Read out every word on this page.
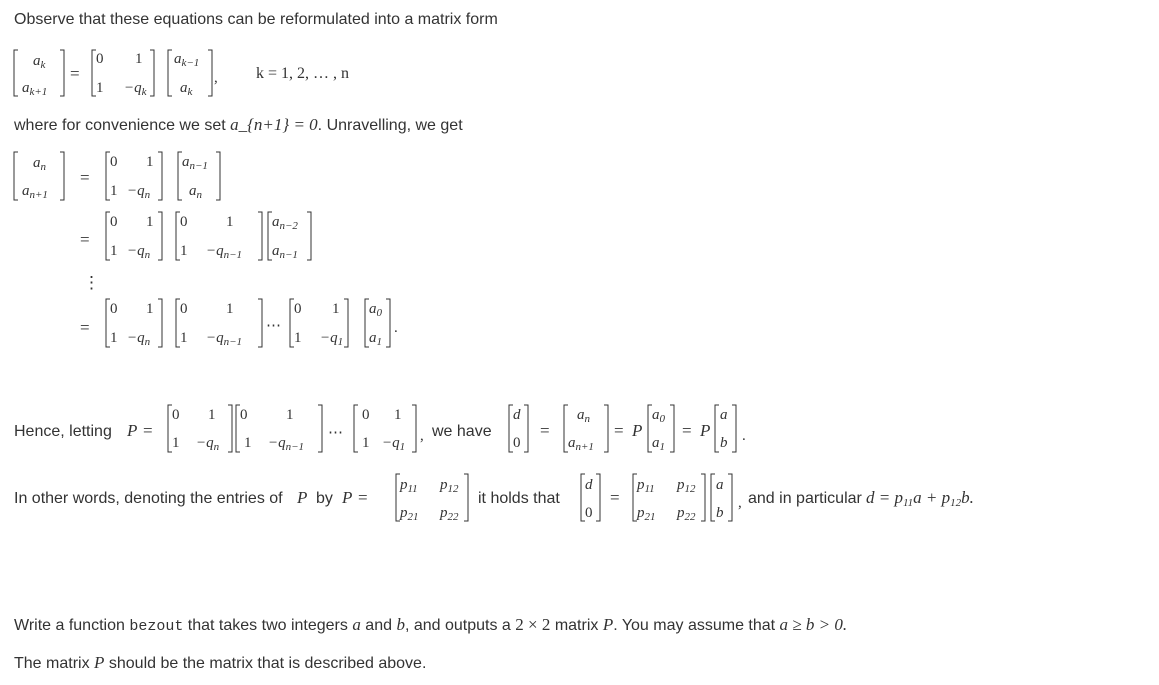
Observe that these equations can be reformulated into a matrix form
$a_k$
$a_{k+1}$
=
0 1
$1 -q_k$
$a_{k-1}$
$a_k$
, k = 1, 2, … , n
$a_n$
$a_{n+1}$
=
0 1
$1 -q_n$
$a_{n-1}$
$a_n$
=
0 1
$1 -q_n$
0	1
$1 -q_{n-1}$
$a_{n-2}$
$a_{n-1}$
⋮
=
0 1
$1 -q_n$
0	1
$1 -q_{n-1}$
⋯
0 1
$1 -q_1$
$a_0$
$a_1$
.
Hence, letting P =
0 1
$1 -q_n$
0	1
$1 -q_{n-1}$
⋯
0 1
$1 -q_1$
, we have
d
0
=
$a_n$
$a_{n+1}$
= P
$a_0$
$a_1$
= P
a
b .
In other words, denoting the entries of P by P =
$p_{11}$ $p_{12}$
$p_{21}$ $p_{22}$
it holds that
d
0
=
$p_{11}$ $p_{12}$
$p_{21}$ $p_{22}$
a
b
, and in particular d = p11a + p12b.
where for convenience we set a_{n+1} = 0. Unravelling, we get
Write a function bezout that takes two integers a and b, and outputs a 2 × 2 matrix P. You may assume that a ≥ b > 0.
The matrix P should be the matrix that is described above.
